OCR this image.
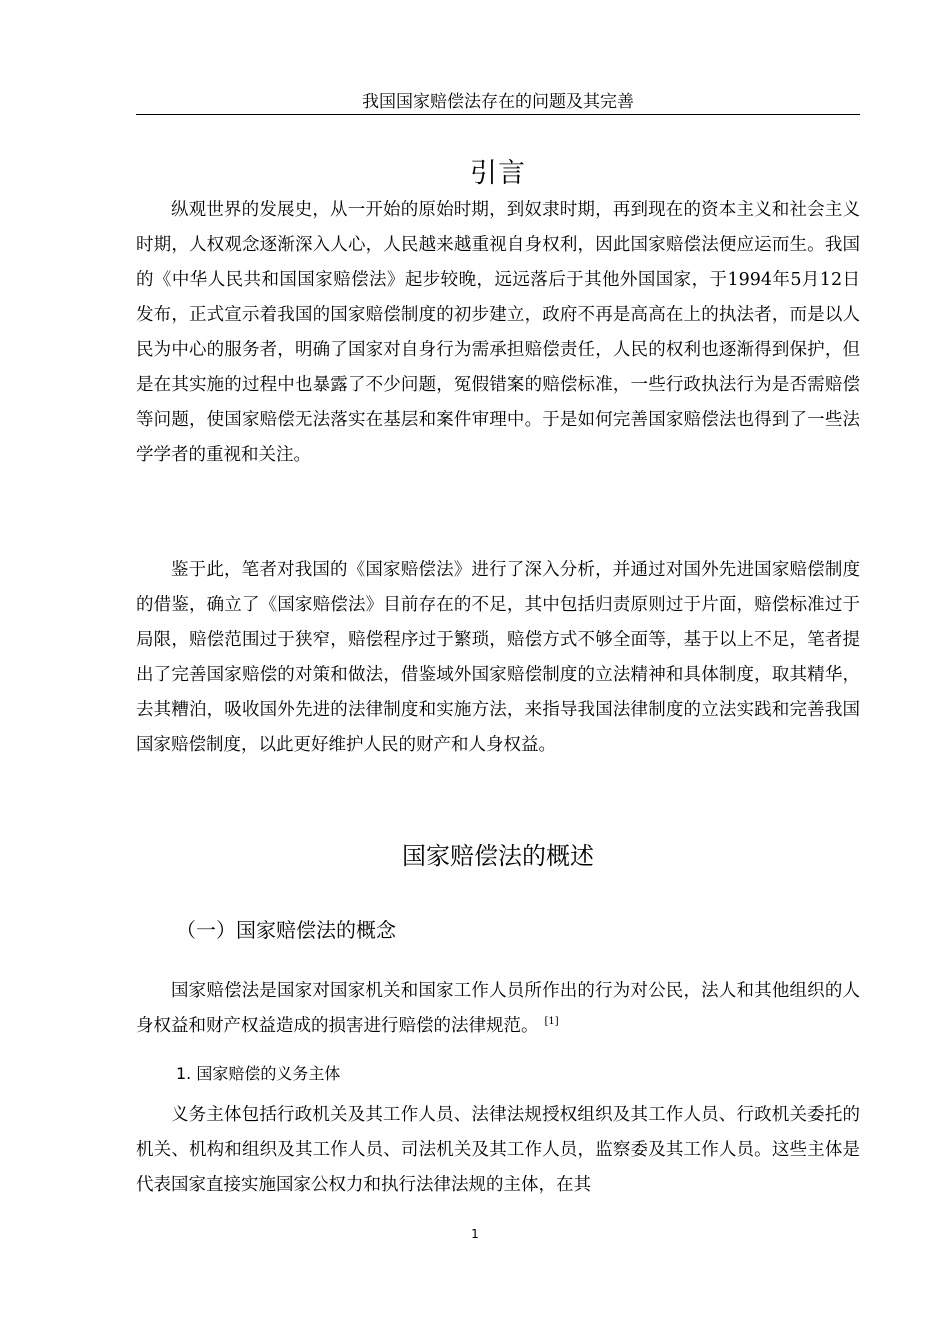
我国国家赔偿法存在的问题及其完善
引言

纵观世界的发展史，从一开始的原始时期，到奴隶时期，再到现在的资本主义和社会主义时期，人权观念逐渐深入人心，人民越来越重视自身权利，因此国家赔偿法便应运而生。我国的《中华人民共和国国家赔偿法》起步较晚，远远落后于其他外国国家，于1994年5月12日发布，正式宣示着我国的国家赔偿制度的初步建立，政府不再是高高在上的执法者，而是以人民为中心的服务者，明确了国家对自身行为需承担赔偿责任，人民的权利也逐渐得到保护，但是在其实施的过程中也暴露了不少问题，冤假错案的赔偿标准，一些行政执法行为是否需赔偿等问题，使国家赔偿无法落实在基层和案件审理中。于是如何完善国家赔偿法也得到了一些法学学者的重视和关注。

鉴于此，笔者对我国的《国家赔偿法》进行了深入分析，并通过对国外先进国家赔偿制度的借鉴，确立了《国家赔偿法》目前存在的不足，其中包括归责原则过于片面，赔偿标准过于局限，赔偿范围过于狭窄，赔偿程序过于繁琐，赔偿方式不够全面等，基于以上不足，笔者提出了完善国家赔偿的对策和做法，借鉴域外国家赔偿制度的立法精神和具体制度，取其精华，去其糟泊，吸收国外先进的法律制度和实施方法，来指导我国法律制度的立法实践和完善我国国家赔偿制度，以此更好维护人民的财产和人身权益。

国家赔偿法的概述
（一）国家赔偿法的概念

国家赔偿法是国家对国家机关和国家工作人员所作出的行为对公民，法人和其他组织的人身权益和财产权益造成的损害进行赔偿的法律规范。 [1]

1. 国家赔偿的义务主体

义务主体包括行政机关及其工作人员、法律法规授权组织及其工作人员、行政机关委托的机关、机构和组织及其工作人员、司法机关及其工作人员，监察委及其工作人员。这些主体是代表国家直接实施国家公权力和执行法律法规的主体，在其

1
